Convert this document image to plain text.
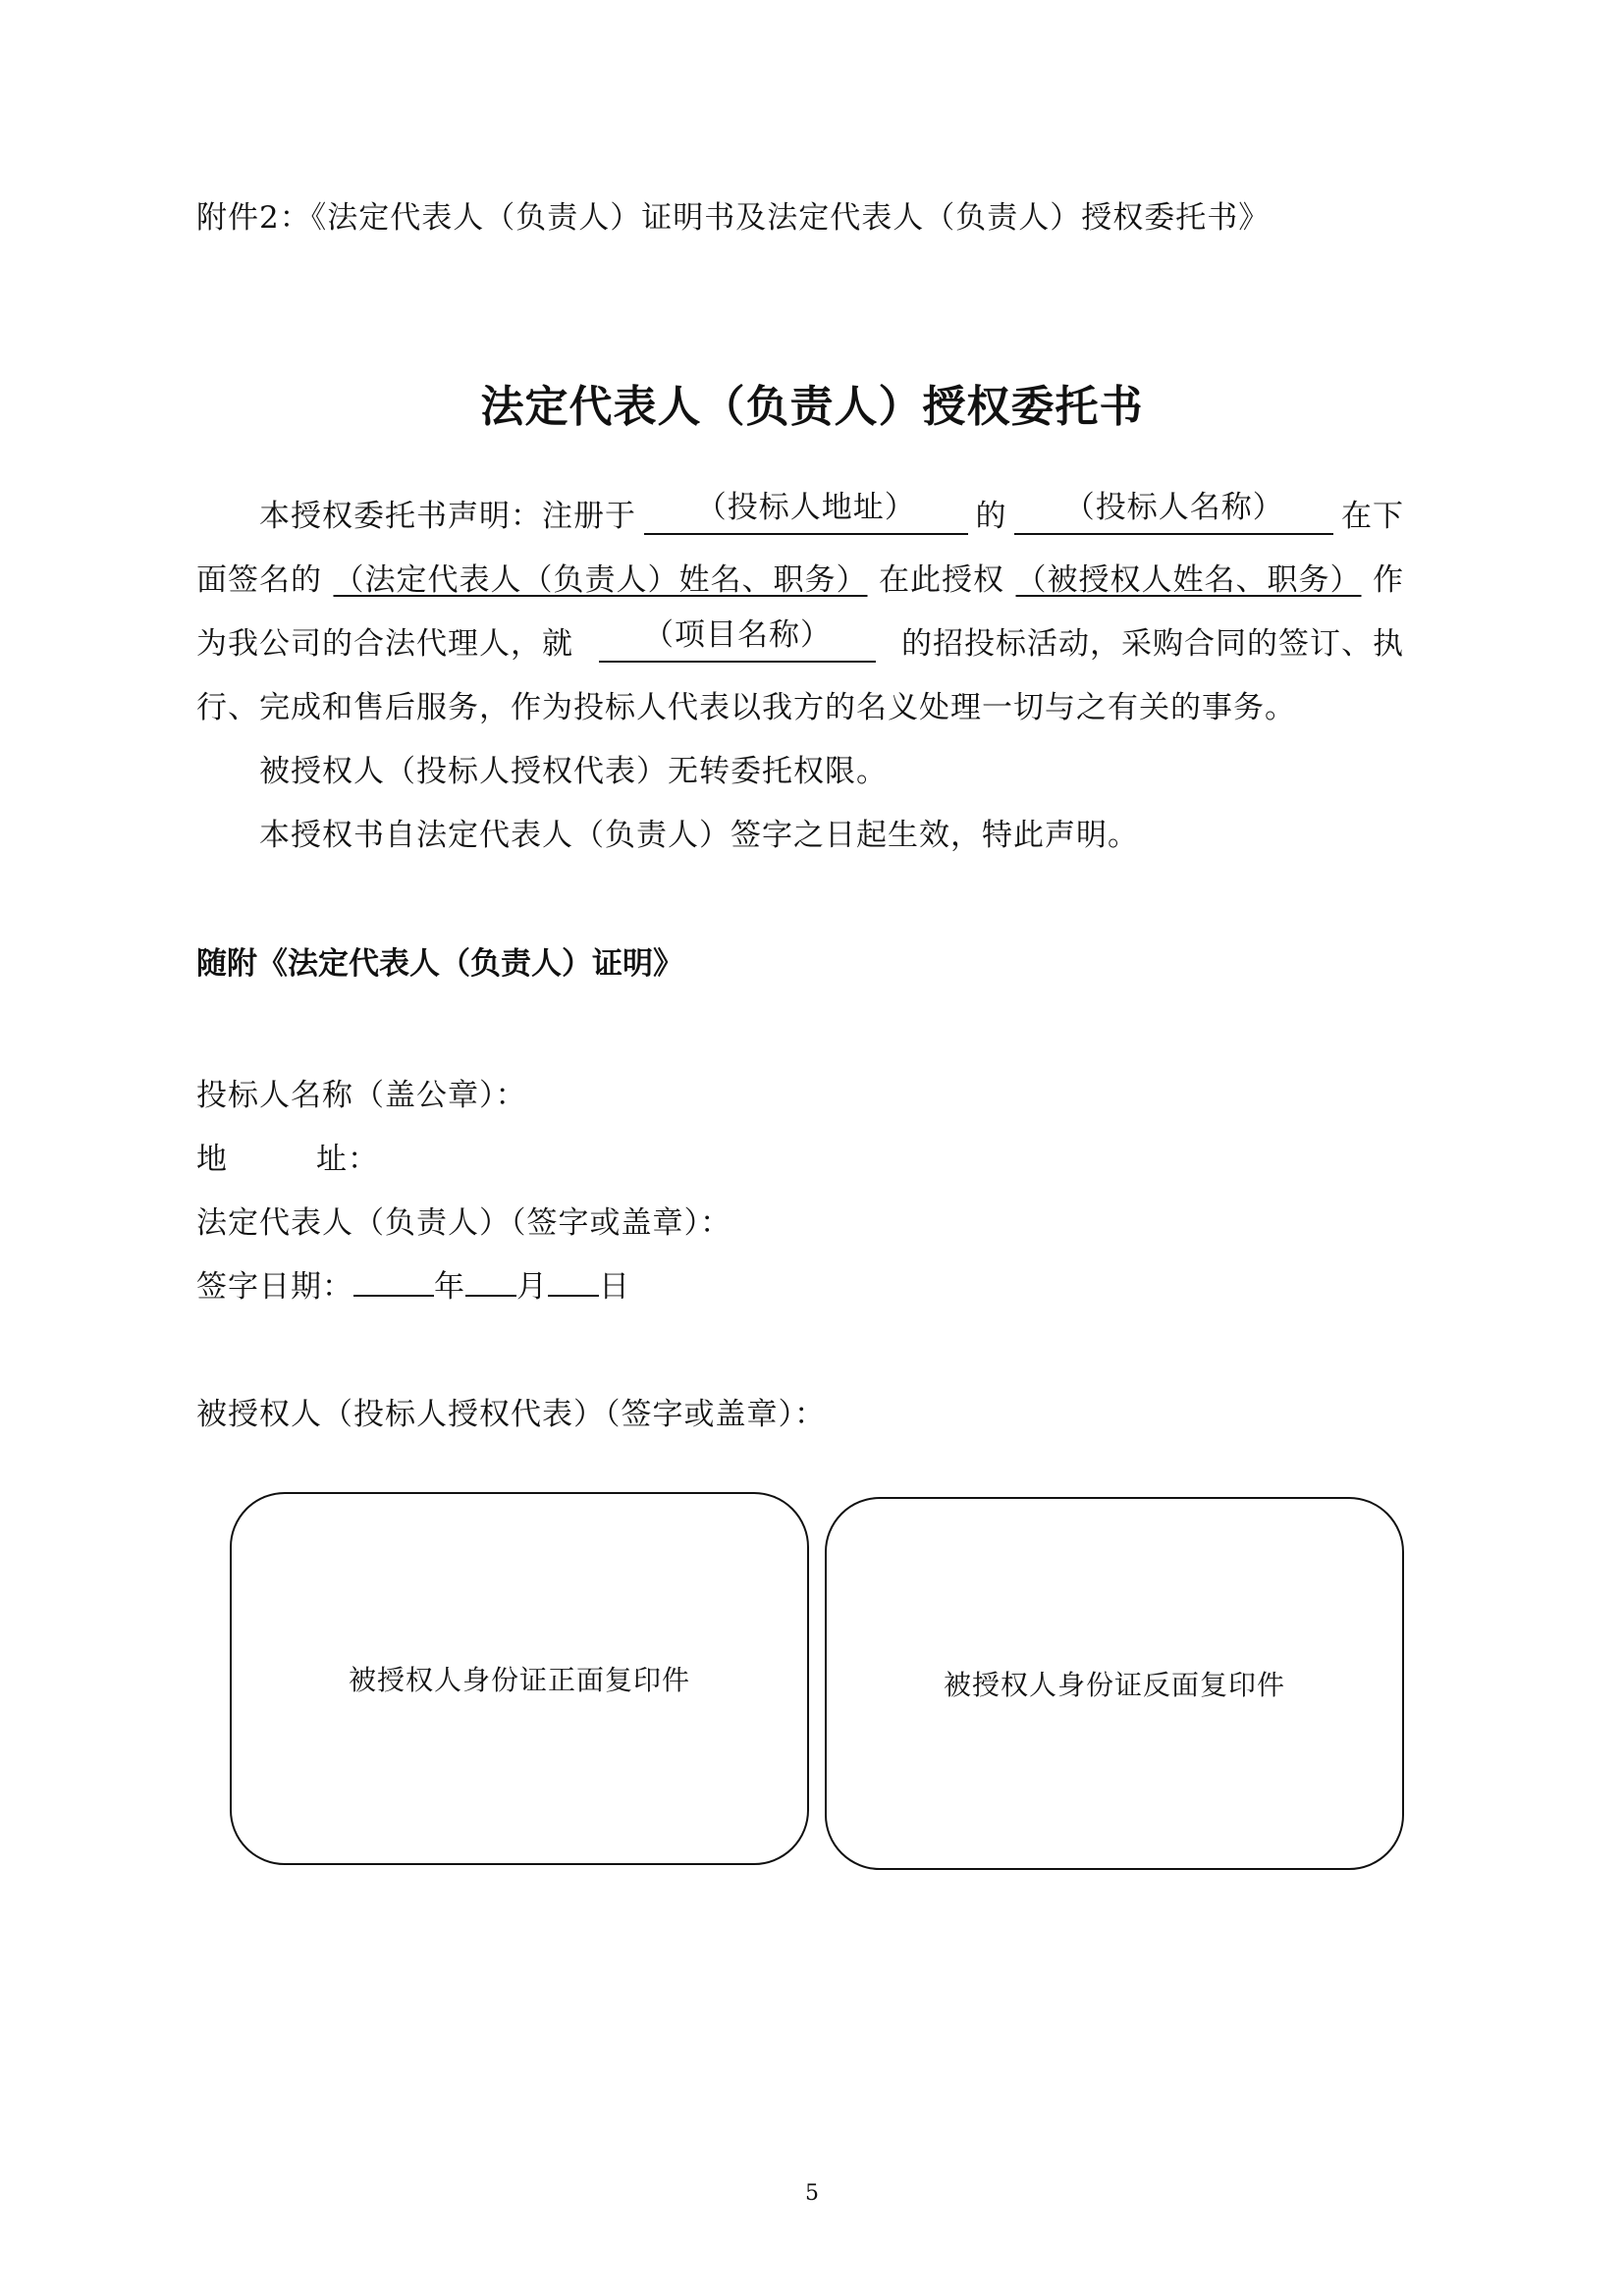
附件2：《法定代表人（负责人）证明书及法定代表人（负责人）授权委托书》
法定代表人（负责人）授权委托书
本授权委托书声明：注册于	（投标人地址）	的	（投标人名称）	在下
面签名的 （法定代表人（负责人）姓名、职务） 在此授权 （被授权人姓名、职务） 作
为我公司的合法代理人，就	（项目名称）	的招投标活动，采购合同的签订、执
行、完成和售后服务，作为投标人代表以我方的名义处理一切与之有关的事务。
被授权人（投标人授权代表）无转委托权限。
本授权书自法定代表人（负责人）签字之日起生效，特此声明。
随附《法定代表人（负责人）证明》
投标人名称（盖公章）：
地	址：
法定代表人（负责人）（签字或盖章）：
签字日期：	年 月 日
被授权人（投标人授权代表）（签字或盖章）：
被授权人身份证正面复印件	被授权人身份证反面复印件
5
